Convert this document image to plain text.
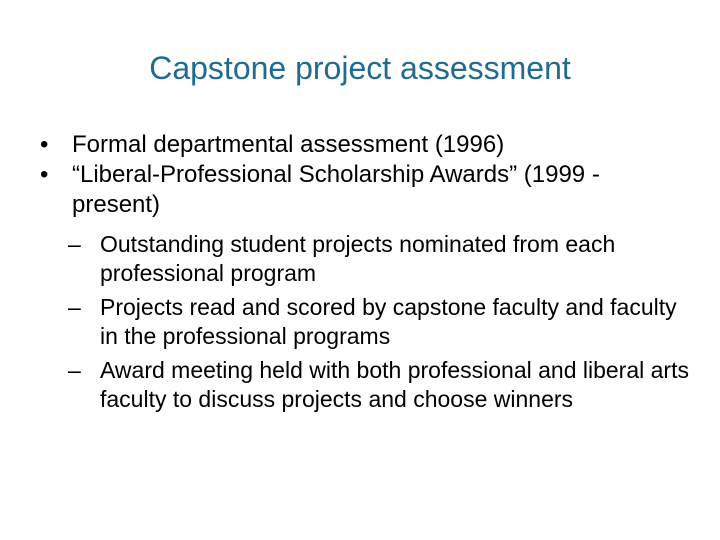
Capstone project assessment
• Formal departmental assessment (1996)
• “Liberal-Professional Scholarship Awards” (1999 - present)
– Outstanding student projects nominated from each professional program
– Projects read and scored by capstone faculty and faculty in the professional programs
– Award meeting held with both professional and liberal arts faculty to discuss projects and choose winners
